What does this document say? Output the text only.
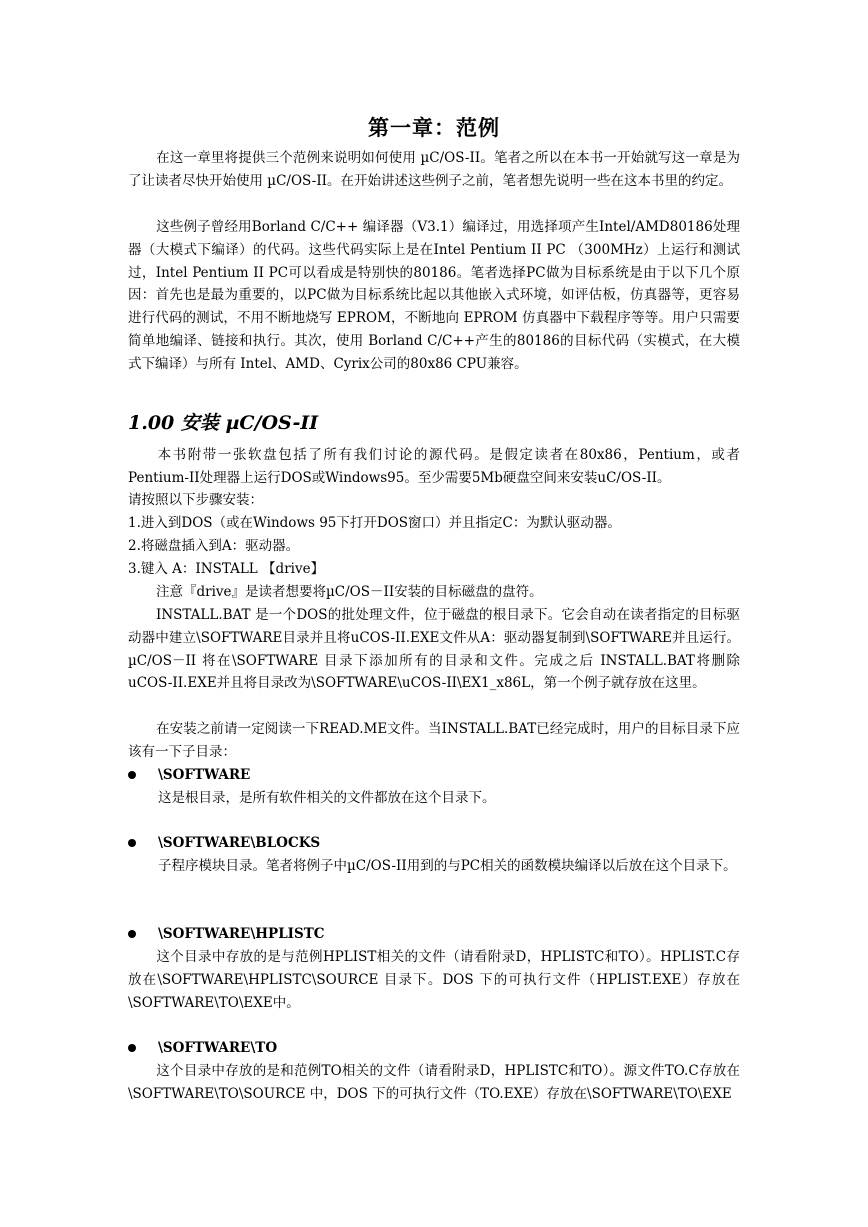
第一章：范例
在这一章里将提供三个范例来说明如何使用 µC/OS-II。笔者之所以在本书一开始就写这一章是为了让读者尽快开始使用 µC/OS-II。在开始讲述这些例子之前，笔者想先说明一些在这本书里的约定。
这些例子曾经用Borland C/C++ 编译器（V3.1）编译过，用选择项产生Intel/AMD80186处理器（大模式下编译）的代码。这些代码实际上是在Intel Pentium II PC （300MHz）上运行和测试过，Intel Pentium II PC可以看成是特别快的80186。笔者选择PC做为目标系统是由于以下几个原因：首先也是最为重要的，以PC做为目标系统比起以其他嵌入式环境，如评估板，仿真器等，更容易进行代码的测试，不用不断地烧写 EPROM，不断地向 EPROM 仿真器中下载程序等等。用户只需要简单地编译、链接和执行。其次，使用 Borland C/C++产生的80186的目标代码（实模式，在大模式下编译）与所有 Intel、AMD、Cyrix公司的80x86 CPU兼容。
1.00 安装 µC/OS-II
本书附带一张软盘包括了所有我们讨论的源代码。是假定读者在80x86，Pentium，或者Pentium-II处理器上运行DOS或Windows95。至少需要5Mb硬盘空间来安装uC/OS-II。
请按照以下步骤安装：
1.进入到DOS（或在Windows 95下打开DOS窗口）并且指定C：为默认驱动器。
2.将磁盘插入到A：驱动器。
3.键入 A：INSTALL 【drive】
注意『drive』是读者想要将µC/OS－II安装的目标磁盘的盘符。
INSTALL.BAT 是一个DOS的批处理文件，位于磁盘的根目录下。它会自动在读者指定的目标驱动器中建立\SOFTWARE目录并且将uCOS-II.EXE文件从A：驱动器复制到\SOFTWARE并且运行。µC/OS－II 将在\SOFTWARE 目录下添加所有的目录和文件。完成之后 INSTALL.BAT将删除uCOS-II.EXE并且将目录改为\SOFTWARE\uCOS-II\EX1_x86L，第一个例子就存放在这里。
在安装之前请一定阅读一下READ.ME文件。当INSTALL.BAT已经完成时，用户的目标目录下应该有一下子目录：
\SOFTWARE
这是根目录，是所有软件相关的文件都放在这个目录下。
\SOFTWARE\BLOCKS
子程序模块目录。笔者将例子中µC/OS-II用到的与PC相关的函数模块编译以后放在这个目录下。
\SOFTWARE\HPLISTC
这个目录中存放的是与范例HPLIST相关的文件（请看附录D，HPLISTC和TO）。HPLIST.C存放在\SOFTWARE\HPLISTC\SOURCE 目录下。DOS 下的可执行文件（HPLIST.EXE）存放在\SOFTWARE\TO\EXE中。
\SOFTWARE\TO
这个目录中存放的是和范例TO相关的文件（请看附录D，HPLISTC和TO）。源文件TO.C存放在\SOFTWARE\TO\SOURCE 中，DOS 下的可执行文件（TO.EXE）存放在\SOFTWARE\TO\EXE
